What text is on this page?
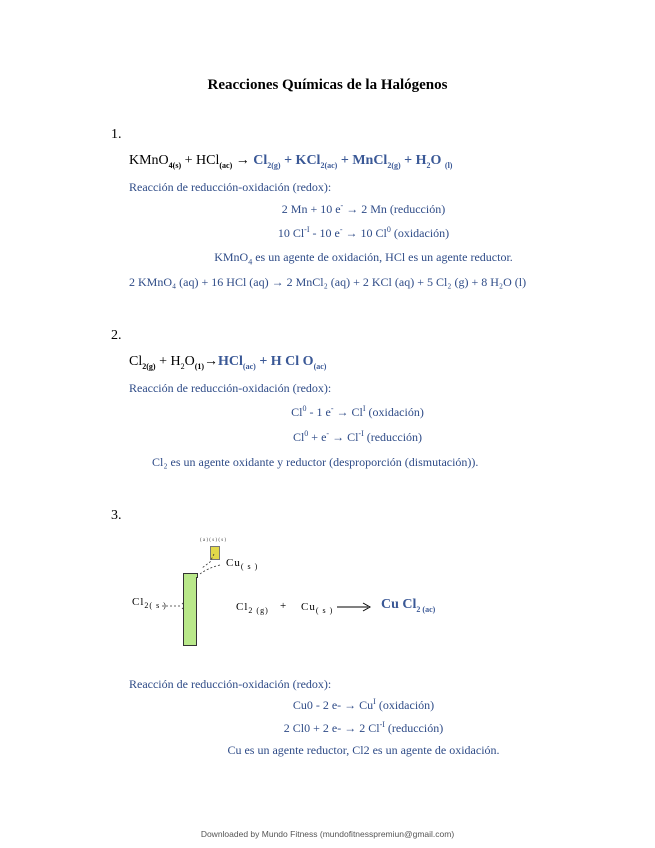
Reacciones Químicas de la Halógenos
1.
KMnO$_{4(s)}$ + $HCl_{(ac)} \to Cl_{2(g)} + KCl_{2(ac)}$ + MnCl$_{2(g)}$ + $H_2O$ $_{(l)}$
Reacción de reducción-oxidación (redox):
2 Mn + 10 e- → 2 Mn (reducción)
10 $Cl^{-I} - 10$ e- → 10 Cl$^0$ (oxidación)
KMnO$_4$ es un agente de oxidación, HCl es un agente reductor.
2 KMnO₄ (aq) + 16 HCl (aq) → 2 MnCl₂ (aq) + 2 KCl (aq) + 5 Cl₂ (g) + 8 H₂O (l)
2.
$Cl_{2(g)} + H_2O_{(1)}\to HCl_{(ac)} + H$ Cl $O_{(ac)}$
Reacción de reducción-oxidación (redox):
Cl$^0$ - 1 $e^- \to Cl^I$ (oxidación)
$Cl^0 + e^- \to Cl^{-I}$ (reducción)
Cl₂ es un agente oxidante y reductor (desproporción (dismutación)).
3.
( a ) ( s ) ( s )
$Cu_{( s )}$
$Cl_{2( s )}$	$Cl_{2 (g)} + Cu_{( s )} \to Cu$ $Cl_{2 (ac)}$
Reacción de reducción-oxidación (redox):
Cu0 - 2 $e- \to Cu^I$ (oxidación)
2 Cl0 + 2 e- → 2 $Cl^{-I}$ (reducción)
Cu es un agente reductor, Cl2 es un agente de oxidación.
Downloaded by Mundo Fitness (mundofitnesspremiun@gmail.com)
